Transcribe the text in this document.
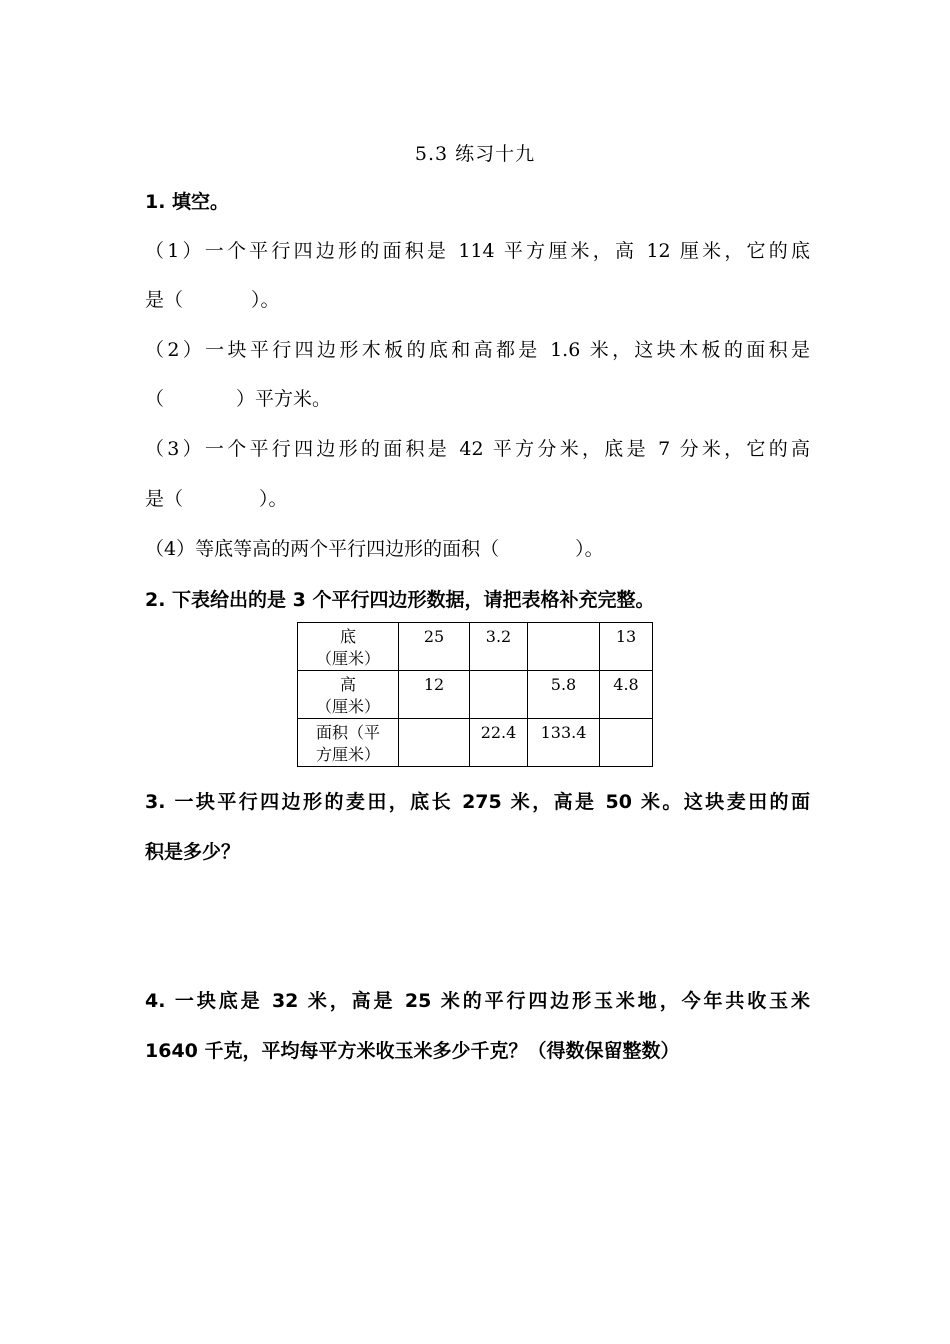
5.3 练习十九
1. 填空。
（1）一个平行四边形的面积是 114 平方厘米，高 12 厘米，它的底
是（	）。
（2）一块平行四边形木板的底和高都是 1.6 米，这块木板的面积是
（	）平方米。
（3）一个平行四边形的面积是 42 平方分米，底是 7 分米，它的高
是（	）。
（4）等底等高的两个平行四边形的面积（	）。
2. 下表给出的是 3 个平行四边形数据，请把表格补充完整。
底
（厘米）	25	3.2		13

高
（厘米）	12		5.8	4.8

面积（平
方厘米）		22.4	133.4	
3. 一块平行四边形的麦田，底长 275 米，高是 50 米。这块麦田的面
积是多少？
4. 一块底是 32 米，高是 25 米的平行四边形玉米地，今年共收玉米
1640 千克，平均每平方米收玉米多少千克？（得数保留整数）
